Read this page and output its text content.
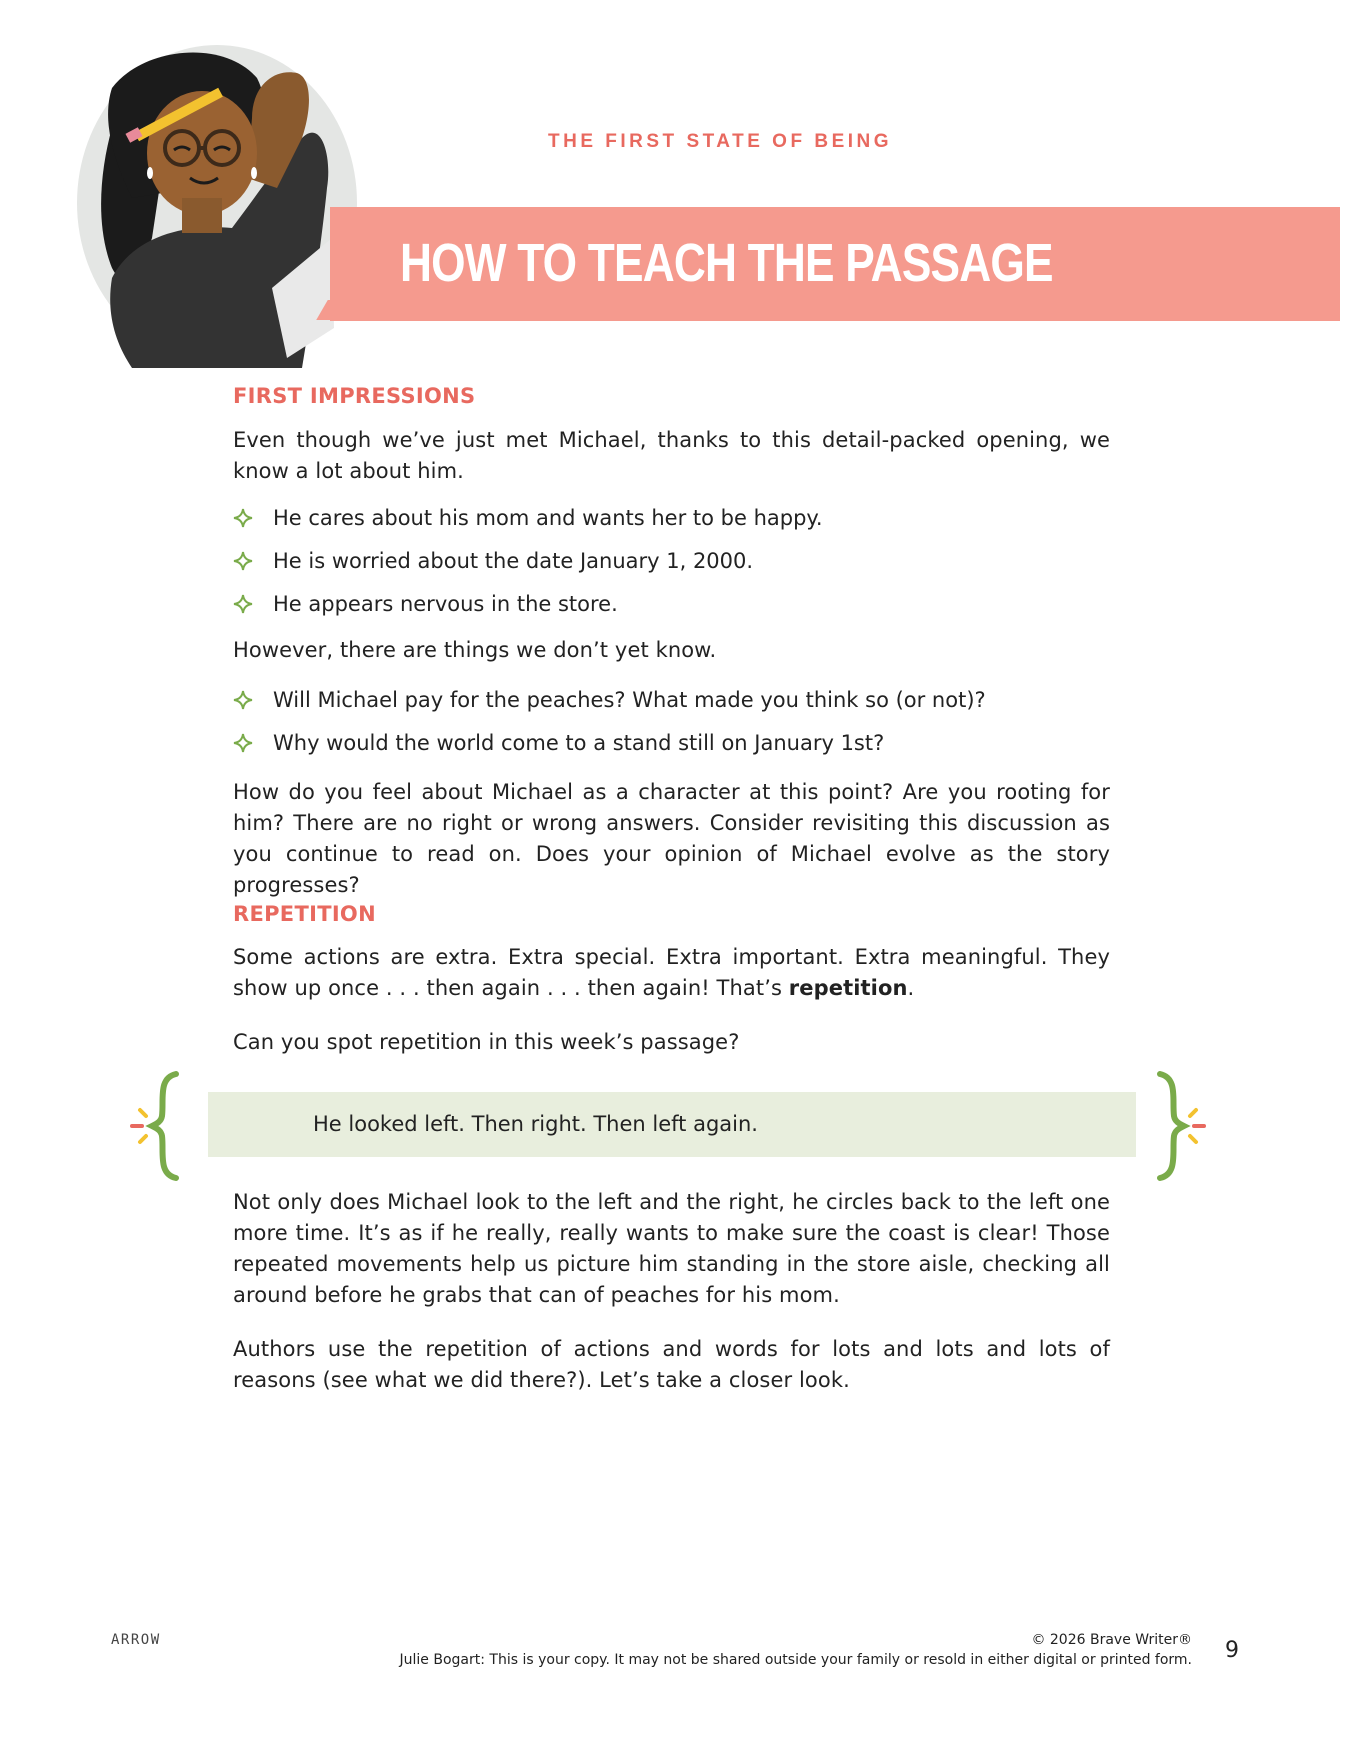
THE FIRST STATE OF BEING
HOW TO TEACH THE PASSAGE
FIRST IMPRESSIONS
Even though we’ve just met Michael, thanks to this detail-packed opening, we know a lot about him.
He cares about his mom and wants her to be happy.
He is worried about the date January 1, 2000.
He appears nervous in the store.
However, there are things we don’t yet know.
Will Michael pay for the peaches? What made you think so (or not)?
Why would the world come to a stand still on January 1st?
How do you feel about Michael as a character at this point? Are you rooting for him? There are no right or wrong answers. Consider revisiting this discussion as you continue to read on. Does your opinion of Michael evolve as the story progresses?
REPETITION
Some actions are extra. Extra special. Extra important. Extra meaningful. They show up once . . . then again . . . then again! That’s repetition.
Can you spot repetition in this week’s passage?
He looked left. Then right. Then left again.
Not only does Michael look to the left and the right, he circles back to the left one more time. It’s as if he really, really wants to make sure the coast is clear! Those repeated movements help us picture him standing in the store aisle, checking all around before he grabs that can of peaches for his mom.
Authors use the repetition of actions and words for lots and lots and lots of reasons (see what we did there?). Let’s take a closer look.
ARROW	© 2026 Brave Writer®
Julie Bogart: This is your copy. It may not be shared outside your family or resold in either digital or printed form. 9
